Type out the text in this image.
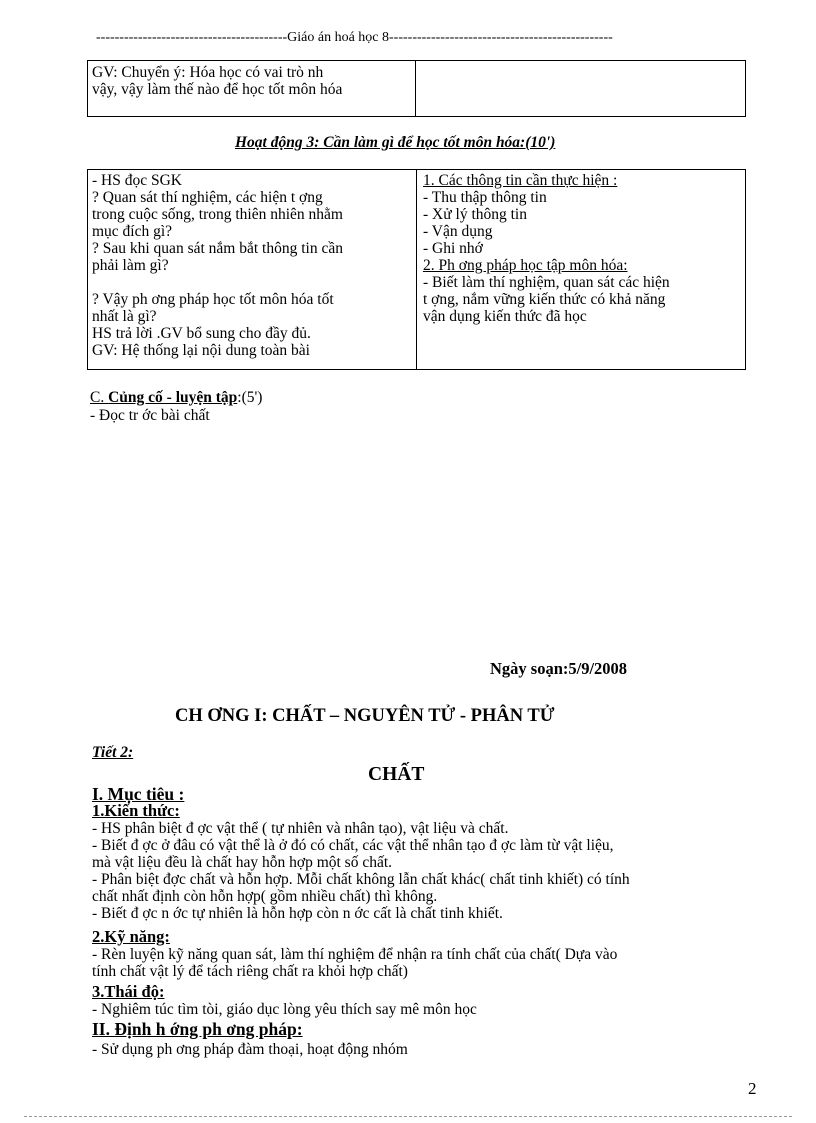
-----------------------------------------Giáo án hoá học 8------------------------------------------------
GV: Chuyển ý: Hóa học có vai trò nh
vậy, vậy làm thế nào để học tốt môn hóa
Hoạt động 3: Cần làm gì để học tốt môn hóa:(10')
- HS đọc SGK
? Quan sát thí nghiệm, các hiện t ợng
trong cuộc sống, trong thiên nhiên nhằm
mục đích gì?
? Sau khi quan sát nắm bắt thông tin cần
phải làm gì?
? Vậy ph ơng pháp học tốt môn hóa tốt
nhất là gì?
HS trả lời .GV bổ sung cho đầy đủ.
GV: Hệ thống lại nội dung toàn bài
1. Các thông tin cần thực hiện :
- Thu thập thông tin
- Xử lý thông tin
- Vận dụng
- Ghi nhớ
2. Ph ơng pháp học tập môn hóa:
- Biết làm thí nghiệm, quan sát các hiện
t ợng, nắm vững kiến thức có khả năng
vận dụng kiến thức đã học
C. Củng cố - luyện tập:(5')
- Đọc tr ớc bài chất
Ngày soạn:5/9/2008
CH ƠNG I: CHẤT – NGUYÊN TỬ - PHÂN TỬ
Tiết 2:
CHẤT
I. Mục tiêu :
1.Kiến thức:
- HS phân biệt đ ợc vật thể ( tự nhiên và nhân tạo), vật liệu và chất.
- Biết đ ợc ở đâu có vật thể là ở đó có chất, các vật thể nhân tạo đ ợc làm từ vật liệu,
mà vật liệu đều là chất hay hỗn hợp một số chất.
- Phân biệt đợc chất và hỗn hợp. Mỗi chất không lẫn chất khác( chất tinh khiết) có tính
chất nhất định còn hỗn hợp( gồm nhiều chất) thì không.
- Biết đ ợc n ớc tự nhiên là hỗn hợp còn n ớc cất là chất tinh khiết.
2.Kỹ năng:
- Rèn luyện kỹ năng quan sát, làm thí nghiệm để nhận ra tính chất của chất( Dựa vào
tính chất vật lý để tách riêng chất ra khỏi hợp chất)
3.Thái độ:
- Nghiêm túc tìm tòi, giáo dục lòng yêu thích say mê môn học
II. Định h ớng ph ơng pháp:
- Sử dụng ph ơng pháp đàm thoại, hoạt động nhóm
2
